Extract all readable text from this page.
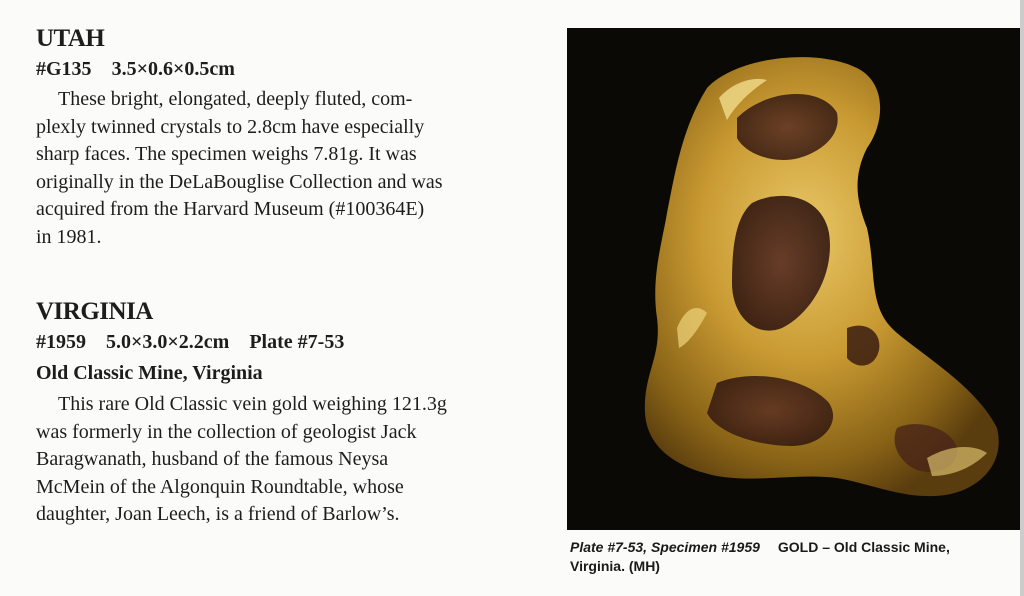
UTAH

#G135 3.5×0.6×0.5cm

These bright, elongated, deeply fluted, com-
plexly twinned crystals to 2.8cm have especially
sharp faces. The specimen weighs 7.81g. It was
originally in the DeLaBouglise Collection and was
acquired from the Harvard Museum (#100364E)
in 1981.
VIRGINIA

#1959 5.0×3.0×2.2cm Plate #7-53

Old Classic Mine, Virginia

This rare Old Classic vein gold weighing 121.3g
was formerly in the collection of geologist Jack
Baragwanath, husband of the famous Neysa
McMein of the Algonquin Roundtable, whose
daughter, Joan Leech, is a friend of Barlow’s.
Plate #7-53, Specimen #1959 GOLD – Old Classic Mine,
Virginia. (MH)
